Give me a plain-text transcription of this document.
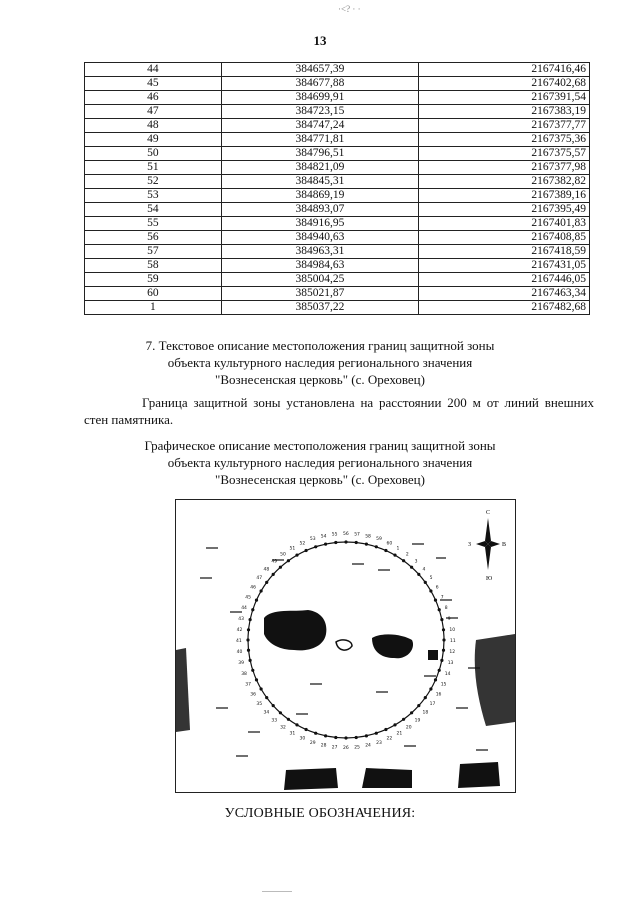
·<? · ·
13
44	384657,39	2167416,46
45	384677,88	2167402,68
46	384699,91	2167391,54
47	384723,15	2167383,19
48	384747,24	2167377,77
49	384771,81	2167375,36
50	384796,51	2167375,57
51	384821,09	2167377,98
52	384845,31	2167382,82
53	384869,19	2167389,16
54	384893,07	2167395,49
55	384916,95	2167401,83
56	384940,63	2167408,85
57	384963,31	2167418,59
58	384984,63	2167431,05
59	385004,25	2167446,05
60	385021,87	2167463,34
1	385037,22	2167482,68
7. Текстовое описание местоположения границ защитной зоны
объекта культурного наследия регионального значения
"Вознесенская церковь" (с. Ореховец)
Граница защитной зоны установлена на расстоянии 200 м от линий внешних стен памятника.
Графическое описание местоположения границ защитной зоны
объекта культурного наследия регионального значения
"Вознесенская церковь" (с. Ореховец)
1
2
3
4
5
6
7
8
9
10
11
12
13
14
15
16
17
18
19
20
21
22
23
24
25
26
27
28
29
30
31
32
33
34
35
36
37
38
39
40
41
42
43
44
45
46
47
48
49
50
51
52
53
54 55 56 57 58
59
60
С
Ю
З	В
УСЛОВНЫЕ ОБОЗНАЧЕНИЯ:
